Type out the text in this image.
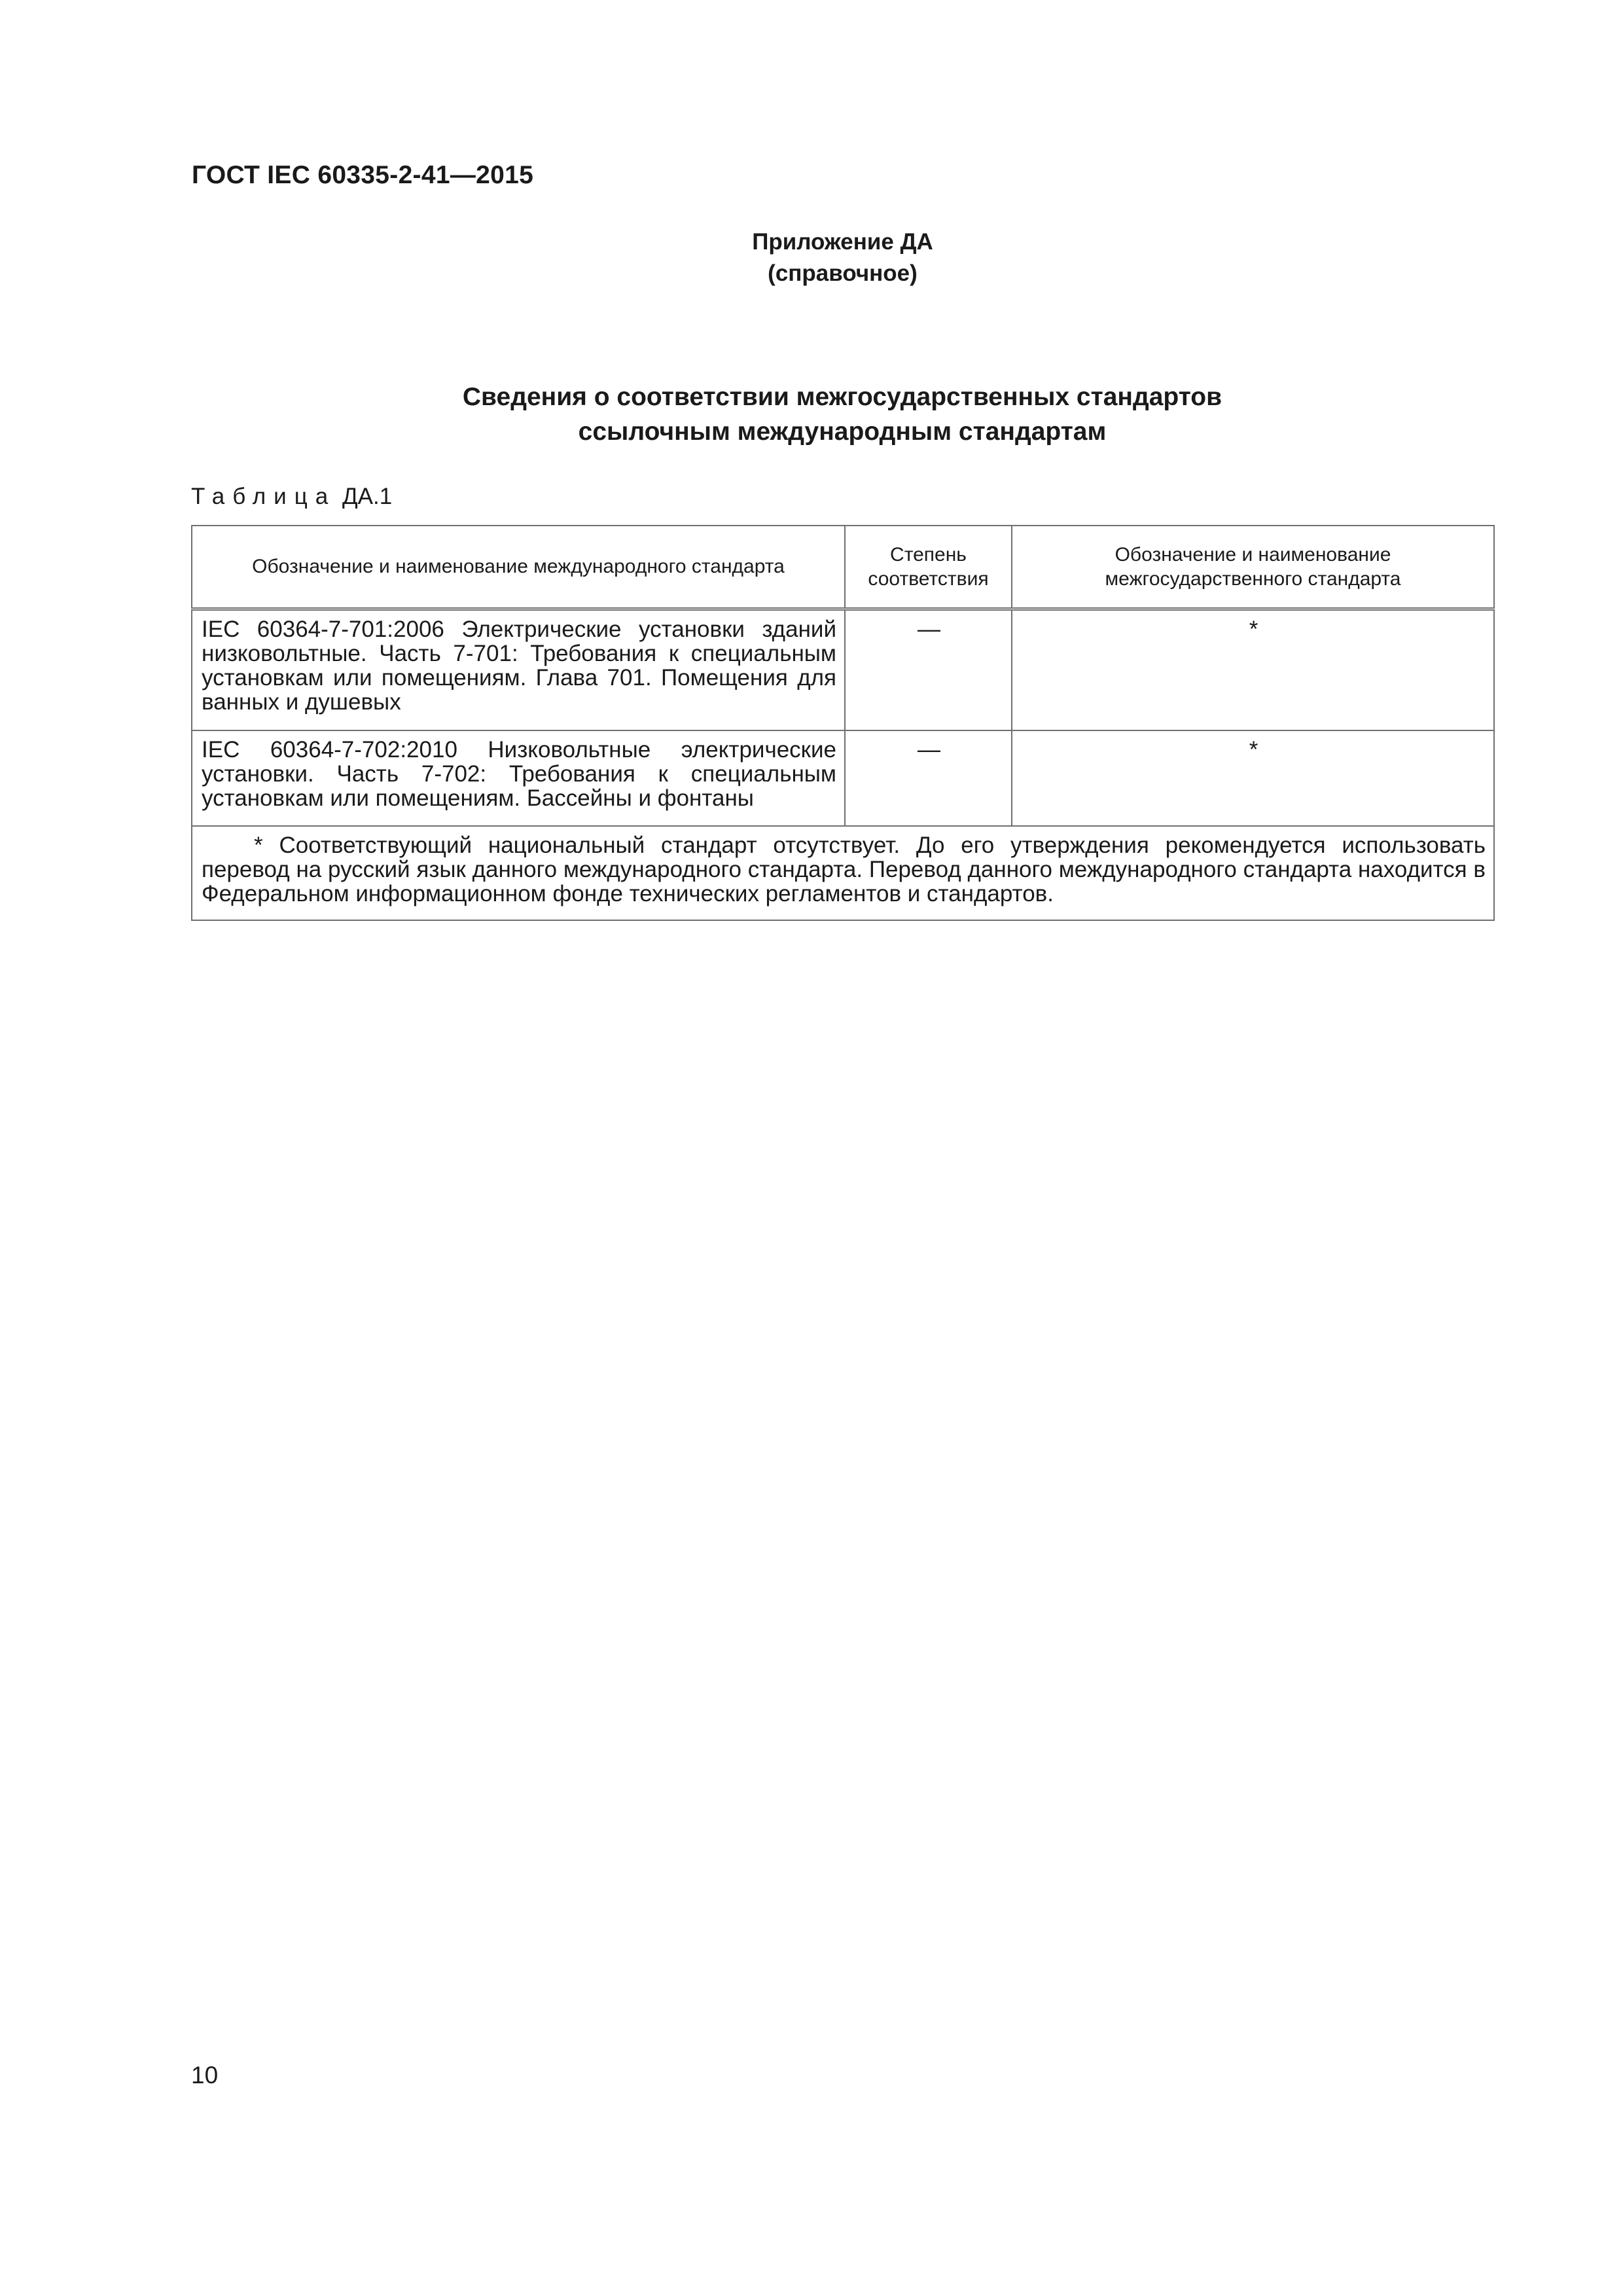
ГОСТ IEC 60335-2-41—2015
Приложение ДА
(справочное)
Сведения о соответствии межгосударственных стандартов
ссылочным международным стандартам
Таблица ДА.1
Обозначение и наименование международного стандарта	Степень соответствия	Обозначение и наименование межгосударственного стандарта
IEC 60364-7-701:2006 Электрические установки зданий низковольтные. Часть 7-701: Требования к специальным установкам или помещениям. Глава 701. Помещения для ванных и душевых	—	*
IEC 60364-7-702:2010 Низковольтные электрические установки. Часть 7-702: Требования к специальным установкам или помещениям. Бассейны и фонтаны	—	*
* Соответствующий национальный стандарт отсутствует. До его утверждения рекомендуется использовать перевод на русский язык данного международного стандарта. Перевод данного международного стандарта находится в Федеральном информационном фонде технических регламентов и стандартов.		
10
